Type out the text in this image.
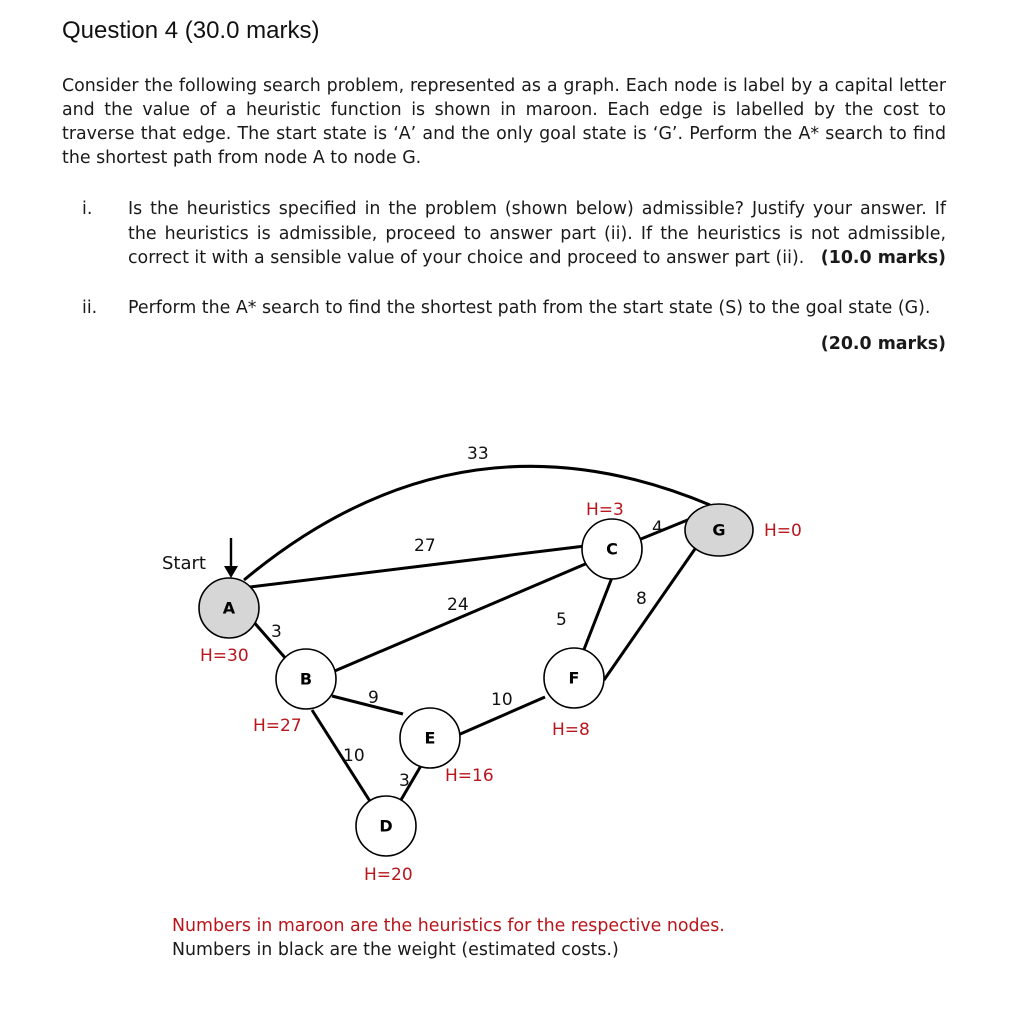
Question 4 (30.0 marks)
Consider the following search problem, represented as a graph. Each node is label by a capital letter and the value of a heuristic function is shown in maroon. Each edge is labelled by the cost to traverse that edge. The start state is ‘A’ and the only goal state is ‘G’. Perform the A* search to find the shortest path from node A to node G.
i. Is the heuristics specified in the problem (shown below) admissible? Justify your answer. If the heuristics is admissible, proceed to answer part (ii). If the heuristics is not admissible, correct it with a sensible value of your choice and proceed to answer part (ii). (10.0 marks)
ii. Perform the A* search to find the shortest path from the start state (S) to the goal state (G).
(20.0 marks)
Start
A
B
C
D
E
F
G
33
27
3
24
9
10
3
10
5
4
8
H=30
H=27
H=3
H=20
H=16
H=8
H=0
Numbers in maroon are the heuristics for the respective nodes.
Numbers in black are the weight (estimated costs.)
